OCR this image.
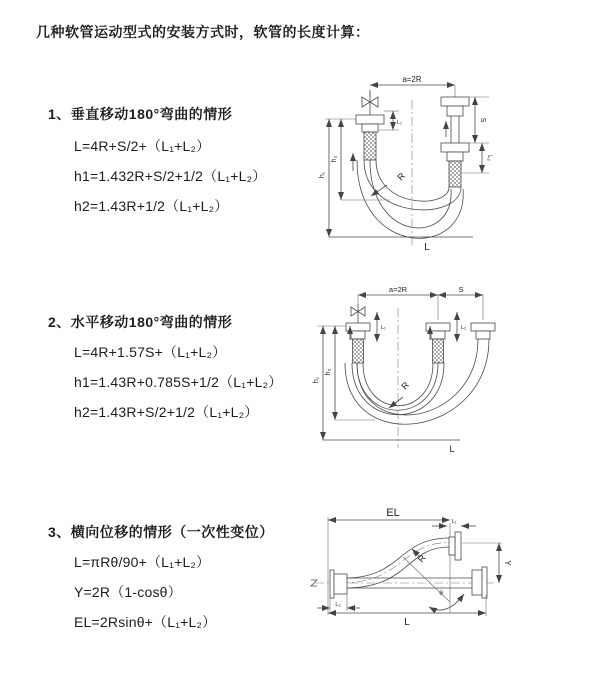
几种软管运动型式的安装方式时，软管的长度计算：
1、垂直移动180°弯曲的情形
L=4R+S/2+（L₁+L₂）
h1=1.432R+S/2+1/2（L₁+L₂）
h2=1.43R+1/2（L₁+L₂）
2、水平移动180°弯曲的情形
L=4R+1.57S+（L₁+L₂）
h1=1.43R+0.785S+1/2（L₁+L₂）
h2=1.43R+S/2+1/2（L₁+L₂）
3、横向位移的情形（一次性变位）
L=πRθ/90+（L₁+L₂）
Y=2R（1-cosθ）
EL=2Rsinθ+（L₁+L₂）
a=2R
L₁	S
L₂
h₂
h₁	R
L
a=2R	S
L₁	L₂
h₂
h₁	R
L
EL
L₁
L₂
Y
R
θ
L
